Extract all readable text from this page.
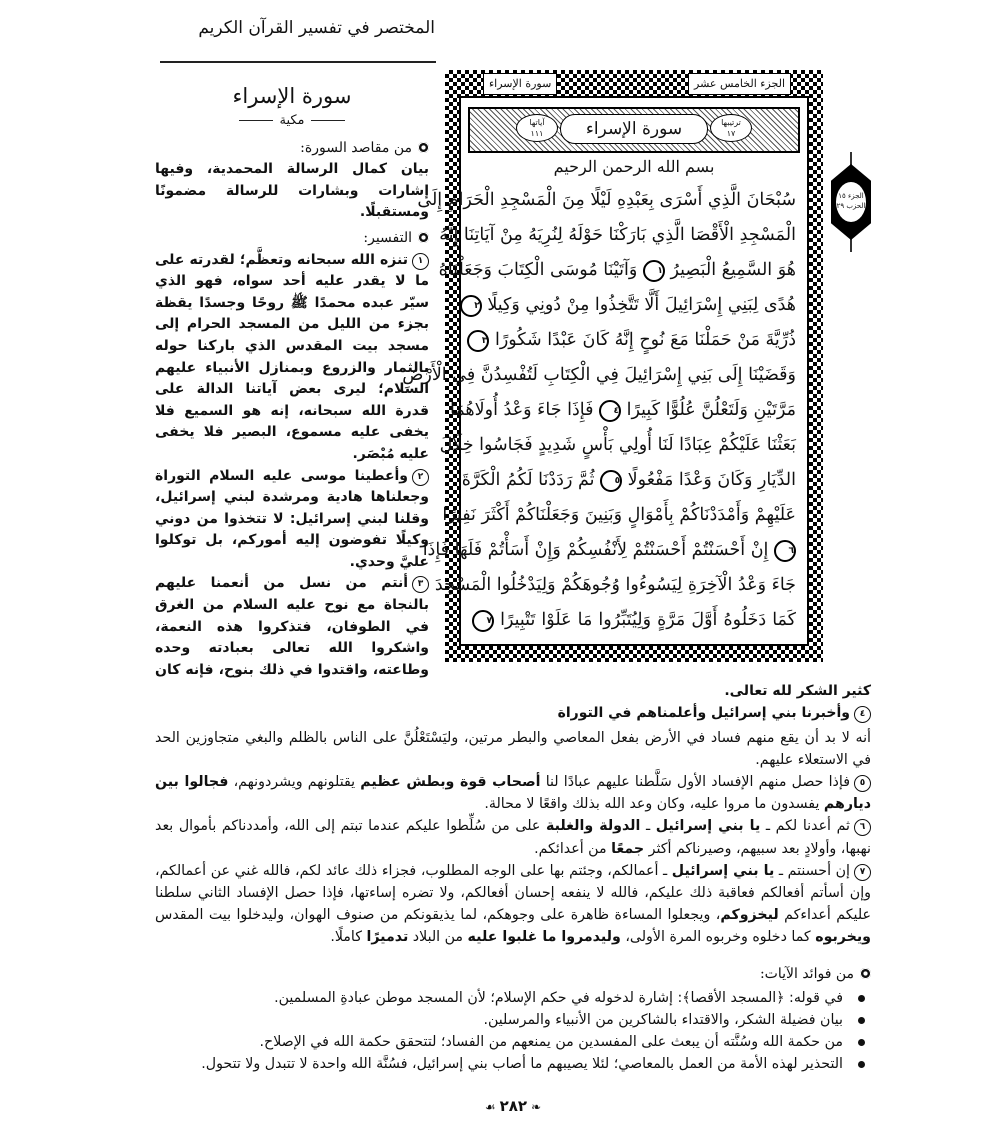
المختصر في تفسير القرآن الكريم
سورة الإسراء	الجزء الخامس عشر
آياتها
١١١	سورة الإسراء	ترتيبها
١٧
بسم الله الرحمن الرحيم
سُبْحَانَ الَّذِي أَسْرَى بِعَبْدِهِ لَيْلًا مِنَ الْمَسْجِدِ الْحَرَامِ إِلَى
الْمَسْجِدِ الْأَقْصَا الَّذِي بَارَكْنَا حَوْلَهُ لِنُرِيَهُ مِنْ آيَاتِنَا إِنَّهُ
هُوَ السَّمِيعُ الْبَصِيرُ ١ وَآتَيْنَا مُوسَى الْكِتَابَ وَجَعَلْنَاهُ
هُدًى لِبَنِي إِسْرَائِيلَ أَلَّا تَتَّخِذُوا مِنْ دُونِي وَكِيلًا ٢
ذُرِّيَّةَ مَنْ حَمَلْنَا مَعَ نُوحٍ إِنَّهُ كَانَ عَبْدًا شَكُورًا ٣
وَقَضَيْنَا إِلَى بَنِي إِسْرَائِيلَ فِي الْكِتَابِ لَتُفْسِدُنَّ فِي الْأَرْضِ
مَرَّتَيْنِ وَلَتَعْلُنَّ عُلُوًّا كَبِيرًا ٤ فَإِذَا جَاءَ وَعْدُ أُولَاهُمَا
بَعَثْنَا عَلَيْكُمْ عِبَادًا لَنَا أُولِي بَأْسٍ شَدِيدٍ فَجَاسُوا خِلَالَ
الدِّيَارِ وَكَانَ وَعْدًا مَفْعُولًا ٥ ثُمَّ رَدَدْنَا لَكُمُ الْكَرَّةَ
عَلَيْهِمْ وَأَمْدَدْنَاكُمْ بِأَمْوَالٍ وَبَنِينَ وَجَعَلْنَاكُمْ أَكْثَرَ نَفِيرًا
٦ إِنْ أَحْسَنْتُمْ أَحْسَنْتُمْ لِأَنْفُسِكُمْ وَإِنْ أَسَأْتُمْ فَلَهَا فَإِذَا
جَاءَ وَعْدُ الْآخِرَةِ لِيَسُوءُوا وُجُوهَكُمْ وَلِيَدْخُلُوا الْمَسْجِدَ
كَمَا دَخَلُوهُ أَوَّلَ مَرَّةٍ وَلِيُتَبِّرُوا مَا عَلَوْا تَتْبِيرًا ٧
الجزء ١٥
الحزب ٢٩
سورة الإسراء
مكية
من مقاصد السورة:

بيان كمال الرسالة المحمدية، وفيها إشارات وبشارات للرسالة مضمونًا ومستقبلًا.

التفسير:

١تنزه الله سبحانه وتعظَّم؛ لقدرته على ما لا يقدر عليه أحد سواه، فهو الذي سيّر عبده محمدًا ﷺ روحًا وجسدًا يقظة بجزء من الليل من المسجد الحرام إلى مسجد بيت المقدس الذي باركنا حوله بالثمار والزروع وبمنازل الأنبياء عليهم السلام؛ ليرى بعض آياتنا الدالة على قدرة الله سبحانه، إنه هو السميع فلا يخفى عليه مسموع، البصير فلا يخفى عليه مُبْصَر.

٢وأعطينا موسى عليه السلام التوراة وجعلناها هادية ومرشدة لبني إسرائيل، وقلنا لبني إسرائيل: لا تتخذوا من دوني وكيلًا تفوضون إليه أموركم، بل توكلوا عليَّ وحدي.

٣أنتم من نسل من أنعمنا عليهم بالنجاة مع نوح عليه السلام من الغرق في الطوفان، فتذكروا هذه النعمة، واشكروا الله تعالى بعبادته وحده وطاعته، واقتدوا في ذلك بنوح، فإنه كان كثير الشكر لله تعالى.

٤وأخبرنا بني إسرائيل وأعلمناهم في التوراة

أنه لا بد أن يقع منهم فساد في الأرض بفعل المعاصي والبطر مرتين، وليَسْتَعْلُنَّ على الناس بالظلم والبغي متجاوزين الحد في الاستعلاء عليهم.

٥فإذا حصل منهم الإفساد الأول سَلَّطنا عليهم عبادًا لنا أصحاب قوة وبطش عظيم يقتلونهم ويشردونهم، فجالوا بين ديارهم يفسدون ما مروا عليه، وكان وعد الله بذلك واقعًا لا محالة.

٦ثم أعدنا لكم ـ يا بني إسرائيل ـ الدولة والغلبة على من سُلِّطوا عليكم عندما تبتم إلى الله، وأمددناكم بأموال بعد نهبها، وأولادٍ بعد سبيهم، وصيرناكم أكثر جمعًا من أعدائكم.

٧إن أحسنتم ـ يا بني إسرائيل ـ أعمالكم، وجئتم بها على الوجه المطلوب، فجزاء ذلك عائد لكم، فالله غني عن أعمالكم، وإن أسأتم أفعالكم فعاقبة ذلك عليكم، فالله لا ينفعه إحسان أفعالكم، ولا تضره إساءتها، فإذا حصل الإفساد الثاني سلطنا عليكم أعداءكم ليخزوكم، ويجعلوا المساءة ظاهرة على وجوهكم، لما يذيقونكم من صنوف الهوان، وليدخلوا بيت المقدس ويخربوه كما دخلوه وخربوه المرة الأولى، وليدمروا ما غلبوا عليه من البلاد تدميرًا كاملًا.

من فوائد الآيات:
في قوله: ﴿المسجد الأقصا﴾: إشارة لدخوله في حكم الإسلام؛ لأن المسجد موطن عبادةِ المسلمين.
بيان فضيلة الشكر، والاقتداء بالشاكرين من الأنبياء والمرسلين.
من حكمة الله وسُنَّته أن يبعث على المفسدين من يمنعهم من الفساد؛ لتتحقق حكمة الله في الإصلاح.
التحذير لهذه الأمة من العمل بالمعاصي؛ لئلا يصيبهم ما أصاب بني إسرائيل، فسُنَّة الله واحدة لا تتبدل ولا تتحول.
❧٢٨٢☙
